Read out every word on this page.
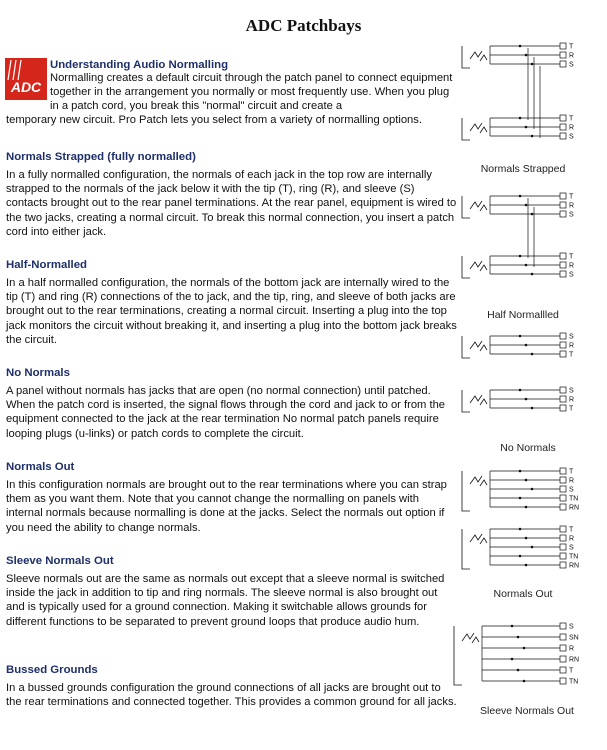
ADC Patchbays
ADC
Understanding Audio Normalling
Normalling creates a default circuit through the patch panel to connect equipment together in the arrangement you normally or most frequently use. When you plug in a patch cord, you break this "normal" circuit and create a
temporary new circuit. Pro Patch lets you select from a variety of normalling options.
Normals Strapped (fully normalled)

In a fully normalled configuration, the normals of each jack in the top row are internally strapped to the normals of the jack below it with the tip (T), ring (R), and sleeve (S) contacts brought out to the rear panel terminations. At the rear panel, equipment is wired to the two jacks, creating a normal circuit. To break this normal connection, you insert a patch cord into either jack.

Half-Normalled

In a half normalled configuration, the normals of the bottom jack are internally wired to the tip (T) and ring (R) connections of the to jack, and the tip, ring, and sleeve of both jacks are brought out to the rear terminations, creating a normal circuit. Inserting a plug into the top jack monitors the circuit without breaking it, and inserting a plug into the bottom jack breaks the circuit.

No Normals

A panel without normals has jacks that are open (no normal connection) until patched. When the patch cord is inserted, the signal flows through the cord and jack to or from the equipment connected to the jack at the rear termination No normal patch panels require looping plugs (u-links) or patch cords to complete the circuit.

Normals Out

In this configuration normals are brought out to the rear terminations where you can strap them as you want them. Note that you cannot change the normalling on panels with internal normals because normalling is done at the jacks. Select the normals out option if you need the ability to change normals.

Sleeve Normals Out

Sleeve normals out are the same as normals out except that a sleeve normal is switched inside the jack in addition to tip and ring normals. The sleeve normal is also brought out and is typically used for a ground connection. Making it switchable allows grounds for different functions to be separated to prevent ground loops that produce audio hum.

Bussed Grounds

In a bussed grounds configuration the ground connections of all jacks are brought out to the rear terminations and connected together. This provides a common ground for all jacks.

T
R
S
T
R
S
Normals Strapped
T
R
S
T
R
S
Half Normallled
S
R
T
S
R
T
No Normals
T
R
S
TN
RN
T
R
S
TN
RN
Normals Out
S
SN
R
RN
T
TN
Sleeve Normals Out
